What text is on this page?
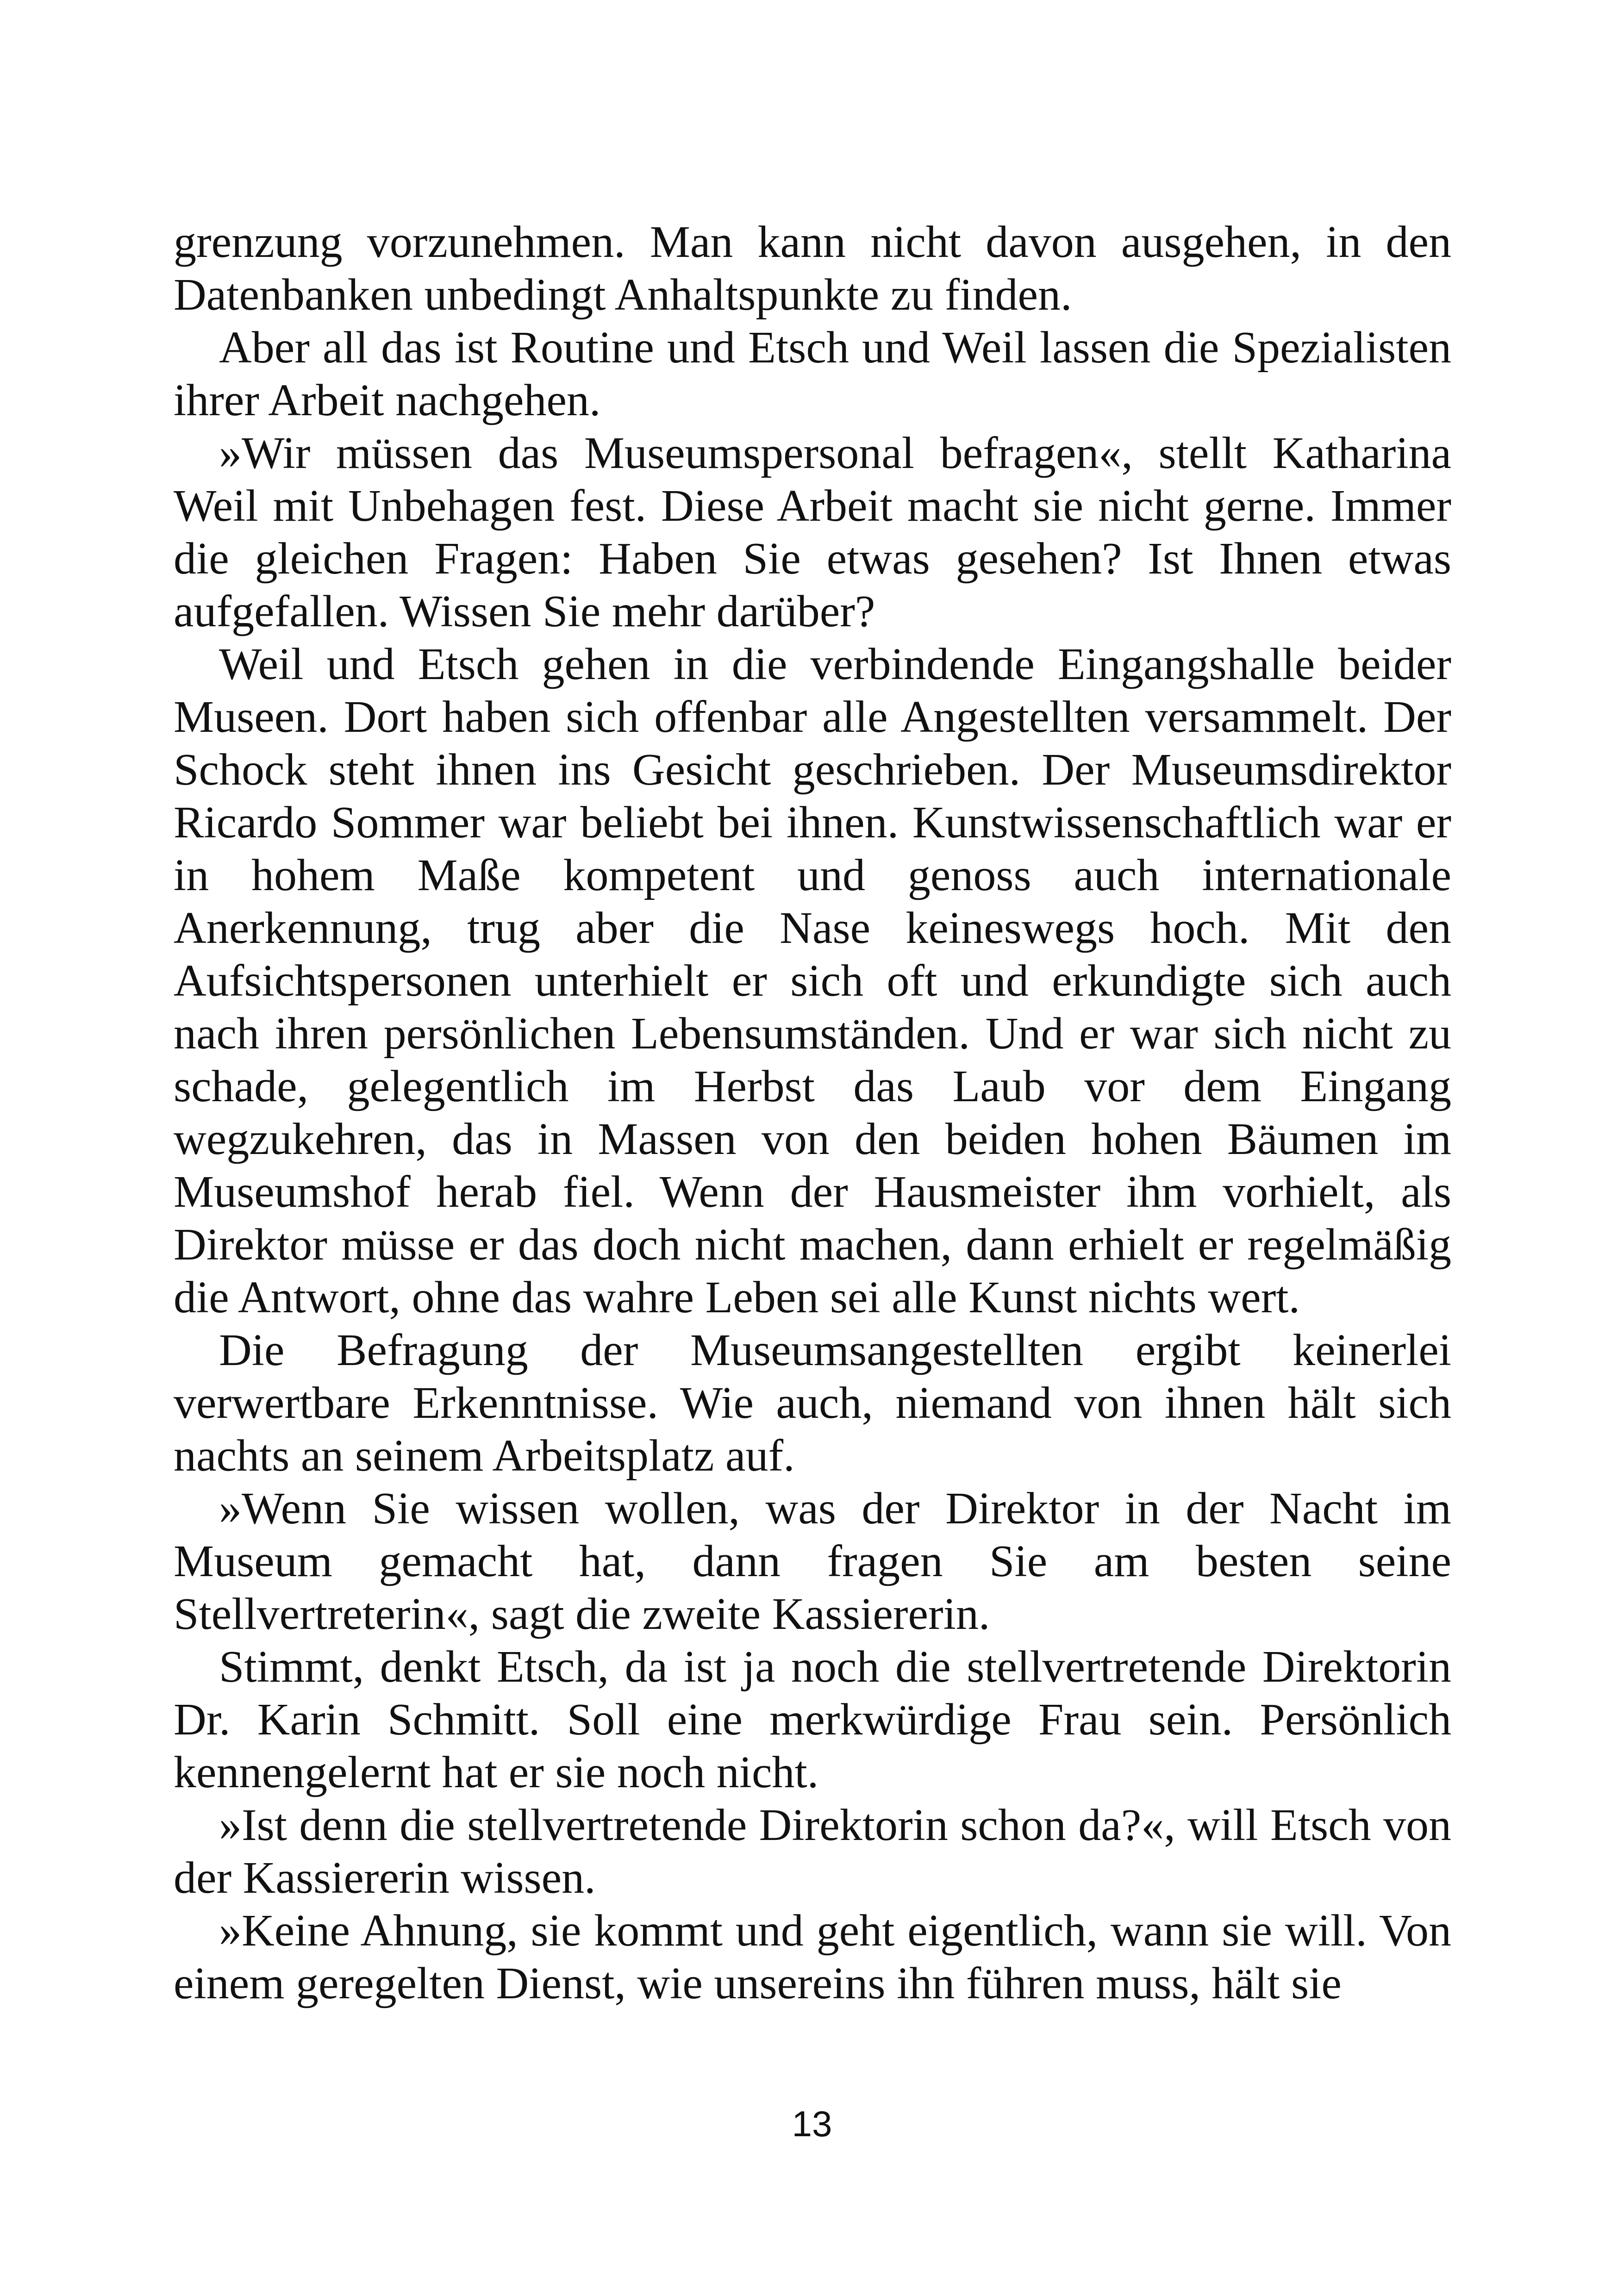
grenzung vorzunehmen. Man kann nicht davon ausgehen, in den Datenbanken unbedingt Anhaltspunkte zu finden.

Aber all das ist Routine und Etsch und Weil lassen die Spezialisten ihrer Arbeit nachgehen.

»Wir müssen das Museumspersonal befragen«, stellt Katharina Weil mit Unbehagen fest. Diese Arbeit macht sie nicht gerne. Immer die gleichen Fragen: Haben Sie etwas gesehen? Ist Ihnen etwas aufgefallen. Wissen Sie mehr darüber?

Weil und Etsch gehen in die verbindende Eingangshalle beider Museen. Dort haben sich offenbar alle Angestellten versammelt. Der Schock steht ihnen ins Gesicht geschrieben. Der Museumsdirektor Ricardo Sommer war beliebt bei ihnen. Kunstwissenschaftlich war er in hohem Maße kompetent und genoss auch internationale Anerkennung, trug aber die Nase keineswegs hoch. Mit den Aufsichtspersonen unterhielt er sich oft und erkundigte sich auch nach ihren persönlichen Lebensumständen. Und er war sich nicht zu schade, gelegentlich im Herbst das Laub vor dem Eingang wegzukehren, das in Massen von den beiden hohen Bäumen im Museumshof herab fiel. Wenn der Hausmeister ihm vorhielt, als Direktor müsse er das doch nicht machen, dann erhielt er regelmäßig die Antwort, ohne das wahre Leben sei alle Kunst nichts wert.

Die Befragung der Museumsangestellten ergibt keinerlei verwertbare Erkenntnisse. Wie auch, niemand von ihnen hält sich nachts an seinem Arbeitsplatz auf.

»Wenn Sie wissen wollen, was der Direktor in der Nacht im Museum gemacht hat, dann fragen Sie am besten seine Stellvertreterin«, sagt die zweite Kassiererin.

Stimmt, denkt Etsch, da ist ja noch die stellvertretende Direktorin Dr. Karin Schmitt. Soll eine merkwürdige Frau sein. Persönlich kennengelernt hat er sie noch nicht.

»Ist denn die stellvertretende Direktorin schon da?«, will Etsch von der Kassiererin wissen.

»Keine Ahnung, sie kommt und geht eigentlich, wann sie will. Von einem geregelten Dienst, wie unsereins ihn führen muss, hält sie

13
